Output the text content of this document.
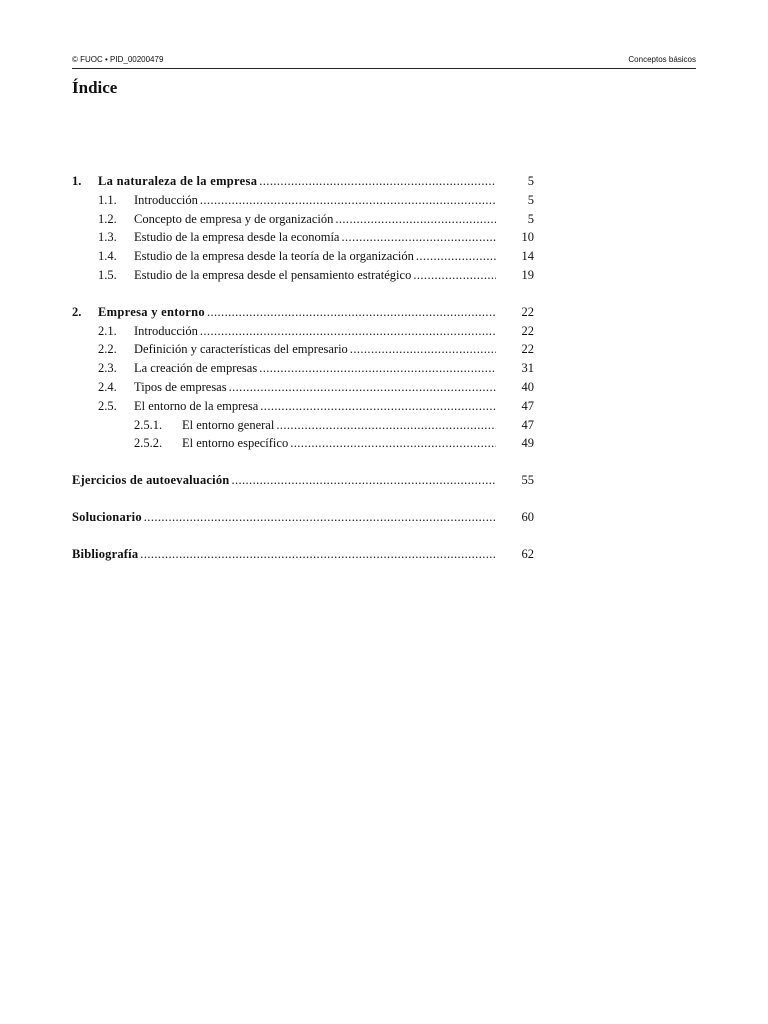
© FUOC • PID_00200479	Conceptos básicos
Índice
1.	La naturaleza de la empresa .....	5
1.1.	Introducción .....	5
1.2.	Concepto de empresa y de organización .....	5
1.3.	Estudio de la empresa desde la economía .....	10
1.4.	Estudio de la empresa desde la teoría de la organización .....	14
1.5.	Estudio de la empresa desde el pensamiento estratégico .....	19
2.	Empresa y entorno .....	22
2.1.	Introducción .....	22
2.2.	Definición y características del empresario .....	22
2.3.	La creación de empresas .....	31
2.4.	Tipos de empresas .....	40
2.5.	El entorno de la empresa .....	47
2.5.1.	El entorno general .....	47
2.5.2.	El entorno específico .....	49
Ejercicios de autoevaluación .....	55
Solucionario .....	60
Bibliografía .....	62
